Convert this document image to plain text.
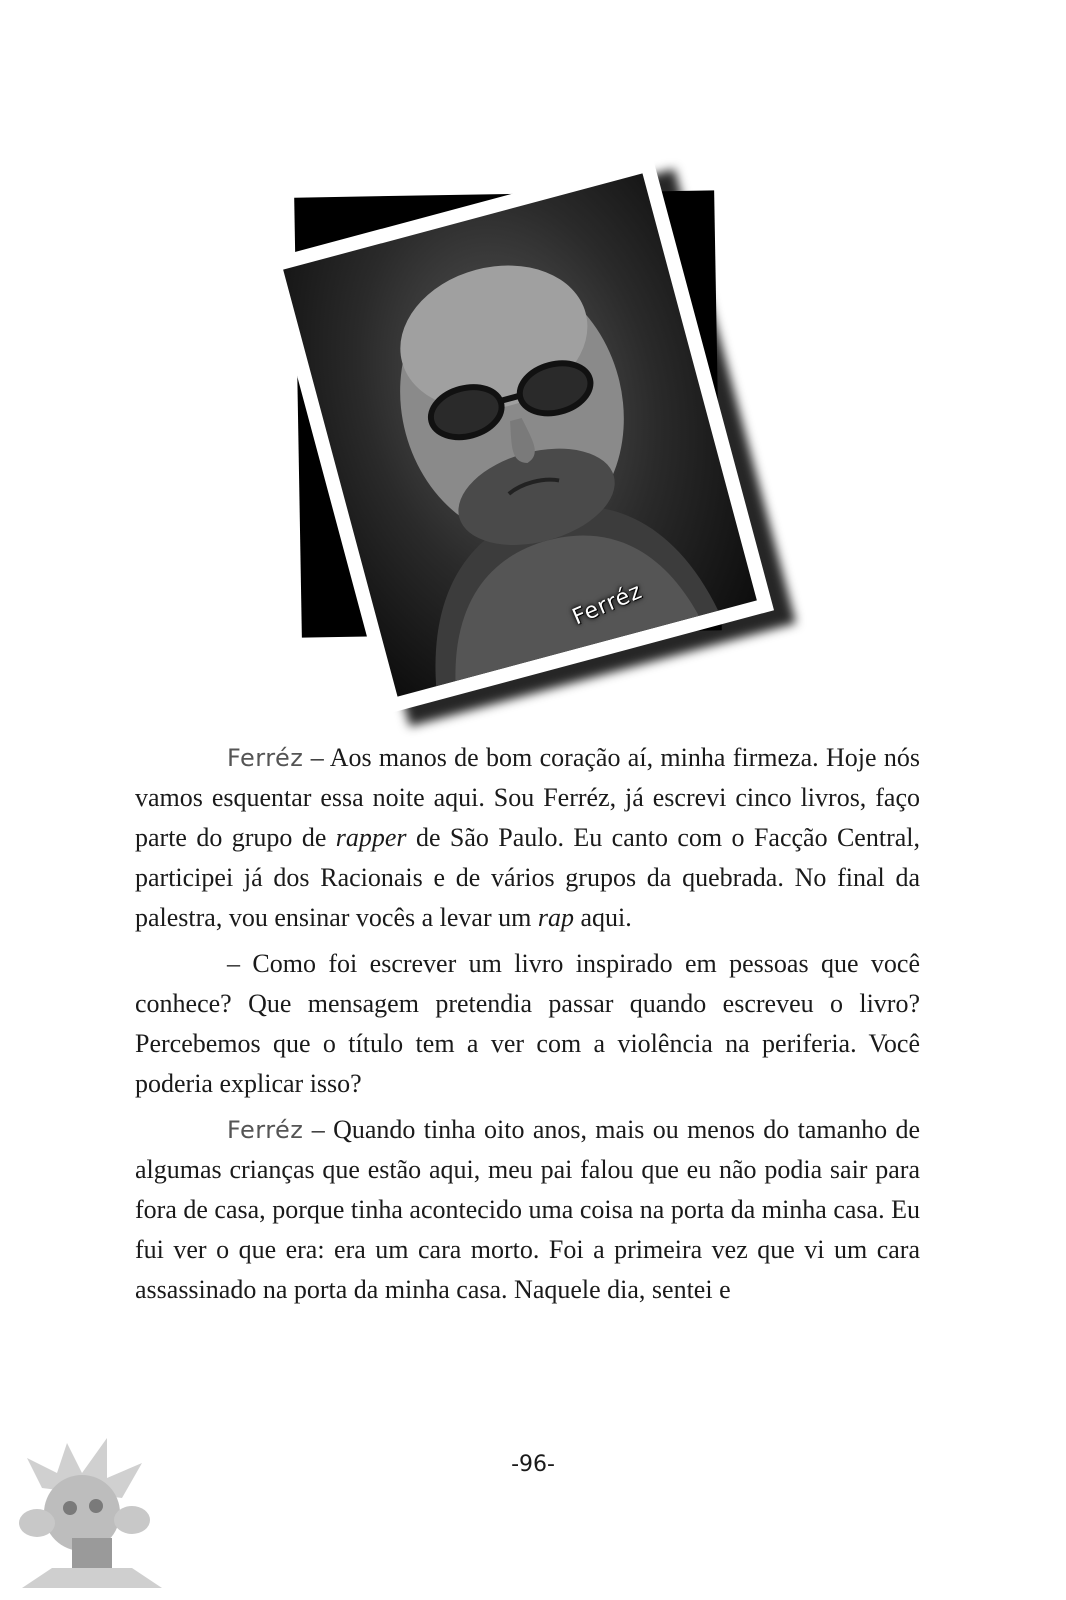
Ferréz

Ferréz – Aos manos de bom coração aí, minha firmeza. Hoje nós vamos esquentar essa noite aqui. Sou Ferréz, já escrevi cinco livros, faço parte do grupo de rapper de São Paulo. Eu canto com o Facção Central, participei já dos Racionais e de vários grupos da quebrada. No final da palestra, vou ensinar vocês a levar um rap aqui.

– Como foi escrever um livro inspirado em pessoas que você conhece? Que mensagem pretendia passar quando escreveu o livro? Percebemos que o título tem a ver com a violência na periferia. Você poderia explicar isso?

Ferréz – Quando tinha oito anos, mais ou menos do tamanho de algumas crianças que estão aqui, meu pai falou que eu não podia sair para fora de casa, porque tinha acontecido uma coisa na porta da minha casa. Eu fui ver o que era: era um cara morto. Foi a primeira vez que vi um cara assassinado na porta da minha casa. Naquele dia, sentei e

-96-
